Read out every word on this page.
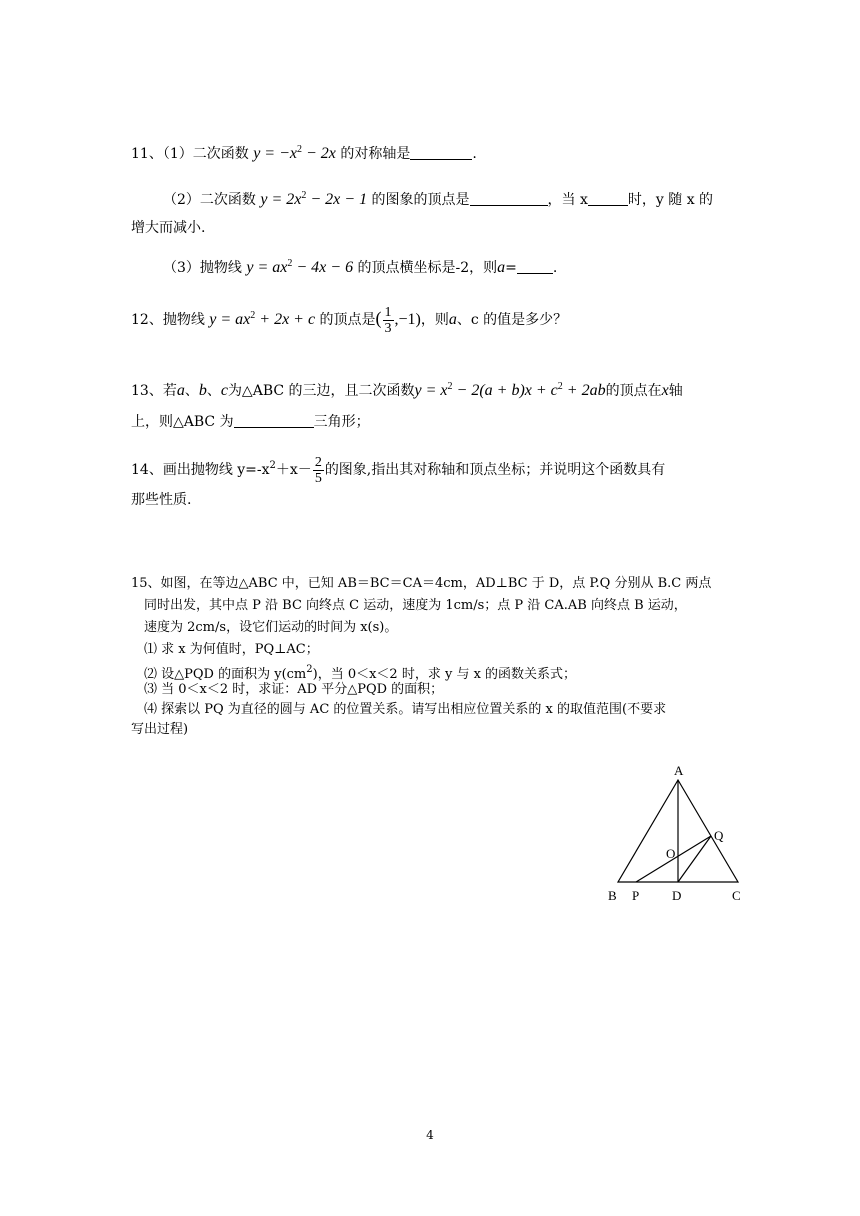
11、（1）二次函数 $y = -x^2 - 2x$ 的对称轴是	.
（2）二次函数 $y = 2x^2 - 2x - 1$ 的图象的顶点是	，当 x	时，y 随 x 的
增大而减小.
（3）抛物线 $y = ax^2 - 4x - 6$ 的顶点横坐标是-2，则a=	.
12、抛物线 $y = ax^2 + 2x + c$ 的顶点是( $\frac{1}{3} ,-1$)，则a、c 的值是多少？
13、若a、b、c为△ABC 的三边，且二次函数$y = x^2 - 2(a + b)x + c^2 + 2ab$的顶点在x轴
上，则△ABC 为	三角形；
14、画出抛物线 $y=-x^2+x- \frac{2}{5}$ 的图象,指出其对称轴和顶点坐标；并说明这个函数具有
那些性质.
15、如图，在等边△ABC 中，已知 AB＝BC＝CA＝4cm，AD⊥BC 于 D，点 P.Q 分别从 B.C 两点
同时出发，其中点 P 沿 BC 向终点 C 运动，速度为 1cm/s；点 P 沿 CA.AB 向终点 B 运动，
速度为 2cm/s，设它们运动的时间为 x(s)。
⑴ 求 x 为何值时，PQ⊥AC；
⑵ 设△PQD 的面积为 $y(cm^2)$，当 0＜x＜2 时，求 y 与 x 的函数关系式；
⑶ 当 0＜x＜2 时，求证：AD 平分△PQD 的面积；
⑷ 探索以 PQ 为直径的圆与 AC 的位置关系。请写出相应位置关系的 x 的取值范围(不要求
写出过程)
A
B P	D	C
Q
O
4
